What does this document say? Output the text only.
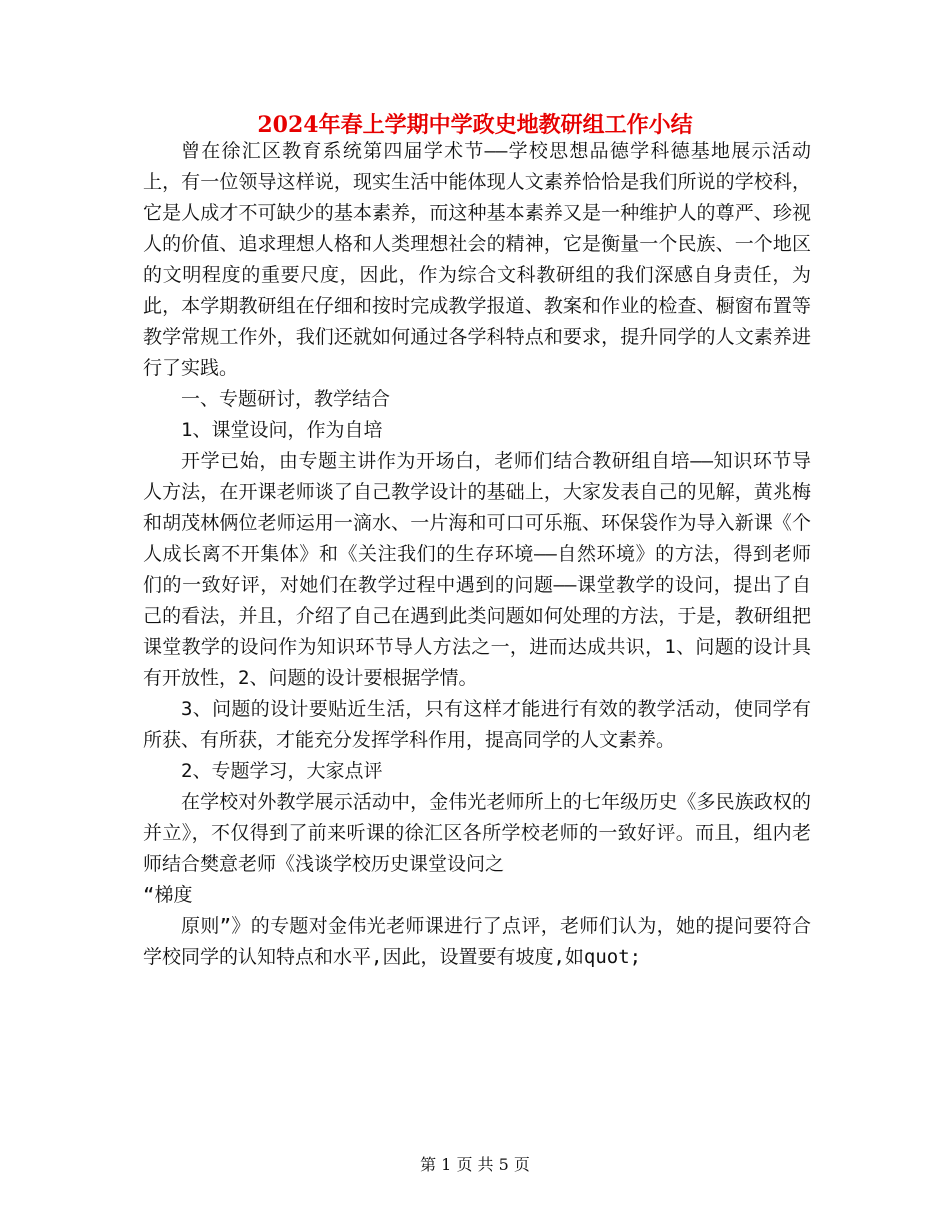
2024年春上学期中学政史地教研组工作小结

曾在徐汇区教育系统第四届学术节——学校思想品德学科德基地展示活动上，有一位领导这样说，现实生活中能体现人文素养恰恰是我们所说的学校科，它是人成才不可缺少的基本素养，而这种基本素养又是一种维护人的尊严、珍视人的价值、追求理想人格和人类理想社会的精神，它是衡量一个民族、一个地区的文明程度的重要尺度，因此，作为综合文科教研组的我们深感自身责任，为此，本学期教研组在仔细和按时完成教学报道、教案和作业的检查、橱窗布置等教学常规工作外，我们还就如何通过各学科特点和要求，提升同学的人文素养进行了实践。

一、专题研讨，教学结合

1、课堂设问，作为自培

开学已始，由专题主讲作为开场白，老师们结合教研组自培——知识环节导人方法，在开课老师谈了自己教学设计的基础上，大家发表自己的见解，黄兆梅和胡茂林俩位老师运用一滴水、一片海和可口可乐瓶、环保袋作为导入新课《个人成长离不开集体》和《关注我们的生存环境——自然环境》的方法，得到老师们的一致好评，对她们在教学过程中遇到的问题——课堂教学的设问，提出了自己的看法，并且，介绍了自己在遇到此类问题如何处理的方法，于是，教研组把课堂教学的设问作为知识环节导人方法之一，进而达成共识，1、问题的设计具有开放性，2、问题的设计要根据学情。

3、问题的设计要贴近生活，只有这样才能进行有效的教学活动，使同学有所获、有所获，才能充分发挥学科作用，提高同学的人文素养。

2、专题学习，大家点评

在学校对外教学展示活动中，金伟光老师所上的七年级历史《多民族政权的并立》，不仅得到了前来听课的徐汇区各所学校老师的一致好评。而且，组内老师结合樊意老师《浅谈学校历史课堂设问之

“梯度

原则”》的专题对金伟光老师课进行了点评，老师们认为，她的提问要符合学校同学的认知特点和水平,因此，设置要有坡度,如quot;

第 1 页 共 5 页
